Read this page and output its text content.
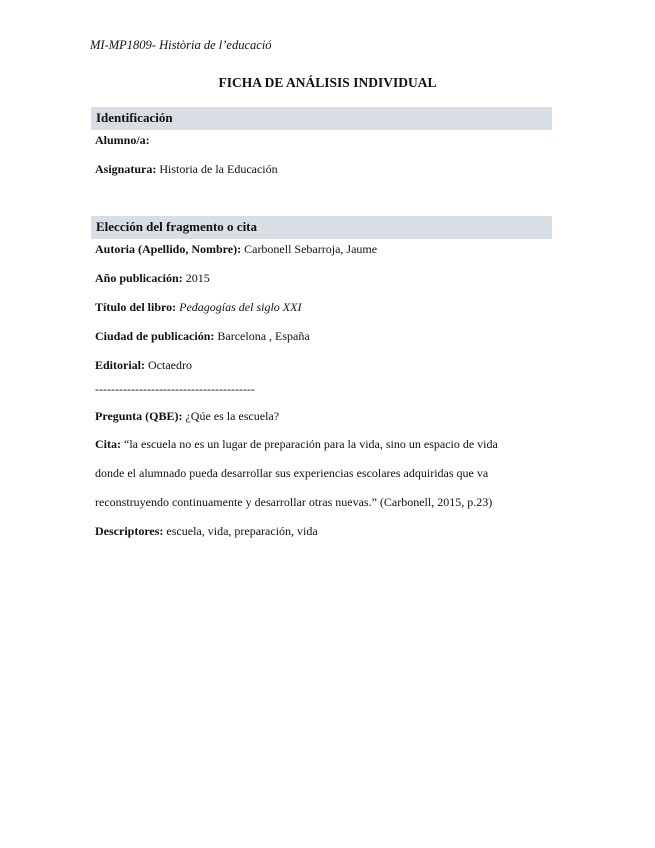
MI-MP1809- Història de l’educació
FICHA DE ANÁLISIS INDIVIDUAL
Identificación
Alumno/a:
Asignatura: Historia de la Educación
Elección del fragmento o cita
Autoria (Apellido, Nombre): Carbonell Sebarroja, Jaume
Año publicación: 2015
Título del libro: Pedagogías del siglo XXI
Ciudad de publicación: Barcelona , España
Editorial: Octaedro
----------------------------------------
Pregunta (QBE): ¿Qúe es la escuela?
Cita: “la escuela no es un lugar de preparación para la vida, sino un espacio de vida
donde el alumnado pueda desarrollar sus experiencias escolares adquiridas que va
reconstruyendo continuamente y desarrollar otras nuevas.” (Carbonell, 2015, p.23)
Descriptores: escuela, vida, preparación, vida
